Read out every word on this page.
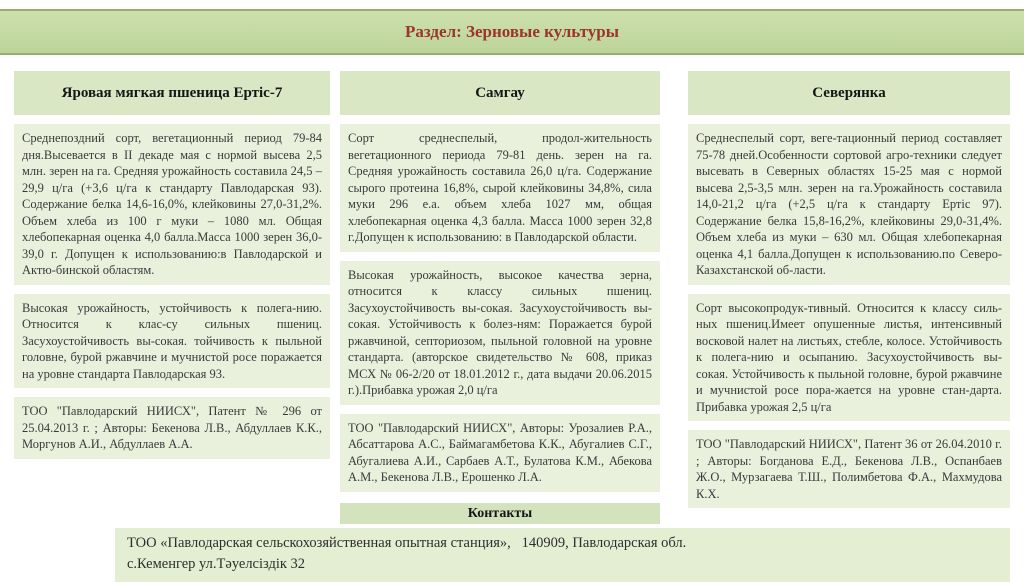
Раздел: Зерновые культуры
Яровая мягкая пшеница Ертіс-7
Среднепоздний сорт, вегетационный период 79-84 дня.Высевается в II декаде мая с нормой высева 2,5 млн. зерен на га. Средняя урожайность составила 24,5 – 29,9 ц/га (+3,6 ц/га к стандарту Павлодарская 93). Содержание белка 14,6-16,0%, клейковины 27,0-31,2%. Объем хлеба из 100 г муки – 1080 мл. Общая хлебопекарная оценка 4,0 балла.Масса 1000 зерен 36,0-39,0 г. Допущен к использованию:в Павлодарской и Актю-бинской областям.
Высокая урожайность, устойчивость к полега-нию. Относится к клас-су сильных пшениц. Засухоустойчивость вы-сокая. тойчивость к пыльной головне, бурой ржавчине и мучнистой росе поражается на уровне стандарта Павлодарская 93.
ТОО "Павлодарский НИИСХ", Патент № 296 от 25.04.2013 г. ; Авторы: Бекенова Л.В., Абдуллаев К.К., Моргунов А.И., Абдуллаев А.А.
Самгау
Сорт среднеспелый, продол-жительность вегетационного периода 79-81 день. зерен на га. Средняя урожайность составила 26,0 ц/га. Содержание сырого протеина 16,8%, сырой клейковины 34,8%, сила муки 296 е.а. объем хлеба 1027 мм, общая хлебопекарная оценка 4,3 балла. Масса 1000 зерен 32,8 г.Допущен к использованию: в Павлодарской области.
Высокая урожайность, высокое качества зерна, относится к классу сильных пшениц. Засухоустойчивость вы-сокая. Засухоустойчивость вы-сокая. Устойчивость к болез-ням: Поражается бурой ржавчиной, септориозом, пыльной головной на уровне стандарта. (авторское свидетельство № 608, приказ МСХ № 06-2/20 от 18.01.2012 г., дата выдачи 20.06.2015 г.).Прибавка урожая 2,0 ц/га
ТОО "Павлодарский НИИСХ", Авторы: Урозалиев Р.А., Абсаттарова А.С., Баймагамбетова К.К., Абугалиев С.Г., Абугалиева А.И., Сарбаев А.Т., Булатова К.М., Абекова А.М., Бекенова Л.В., Ерошенко Л.А.
Северянка
Среднеспелый сорт, веге-тационный период составляет 75-78 дней.Особенности сортовой агро-техники следует высевать в Северных областях 15-25 мая с нормой высева 2,5-3,5 млн. зерен на га.Урожайность составила 14,0-21,2 ц/га (+2,5 ц/га к стандарту Ертіс 97). Содержание белка 15,8-16,2%, клейковины 29,0-31,4%. Объем хлеба из муки – 630 мл. Общая хлебопекарная оценка 4,1 балла.Допущен к использованию.по Северо-Казахстанской об-ласти.
Сорт высокопродук-тивный. Относится к классу силь-ных пшениц.Имеет опушенные листья, интенсивный восковой налет на листьях, стебле, колосе. Устойчивость к полега-нию и осыпанию. Засухоустойчивость вы-сокая. Устойчивость к пыльной головне, бурой ржавчине и мучнистой росе пора-жается на уровне стан-дарта. Прибавка урожая 2,5 ц/га
ТОО "Павлодарский НИИСХ", Патент 36 от 26.04.2010 г. ; Авторы: Богданова Е.Д., Бекенова Л.В., Оспанбаев Ж.О., Мурзагаева Т.Ш., Полимбетова Ф.А., Махмудова К.Х.
Контакты
ТОО «Павлодарская сельскохозяйственная опытная станция»,   140909, Павлодарская обл.
с.Кеменгер ул.Тәуелсіздік 32
